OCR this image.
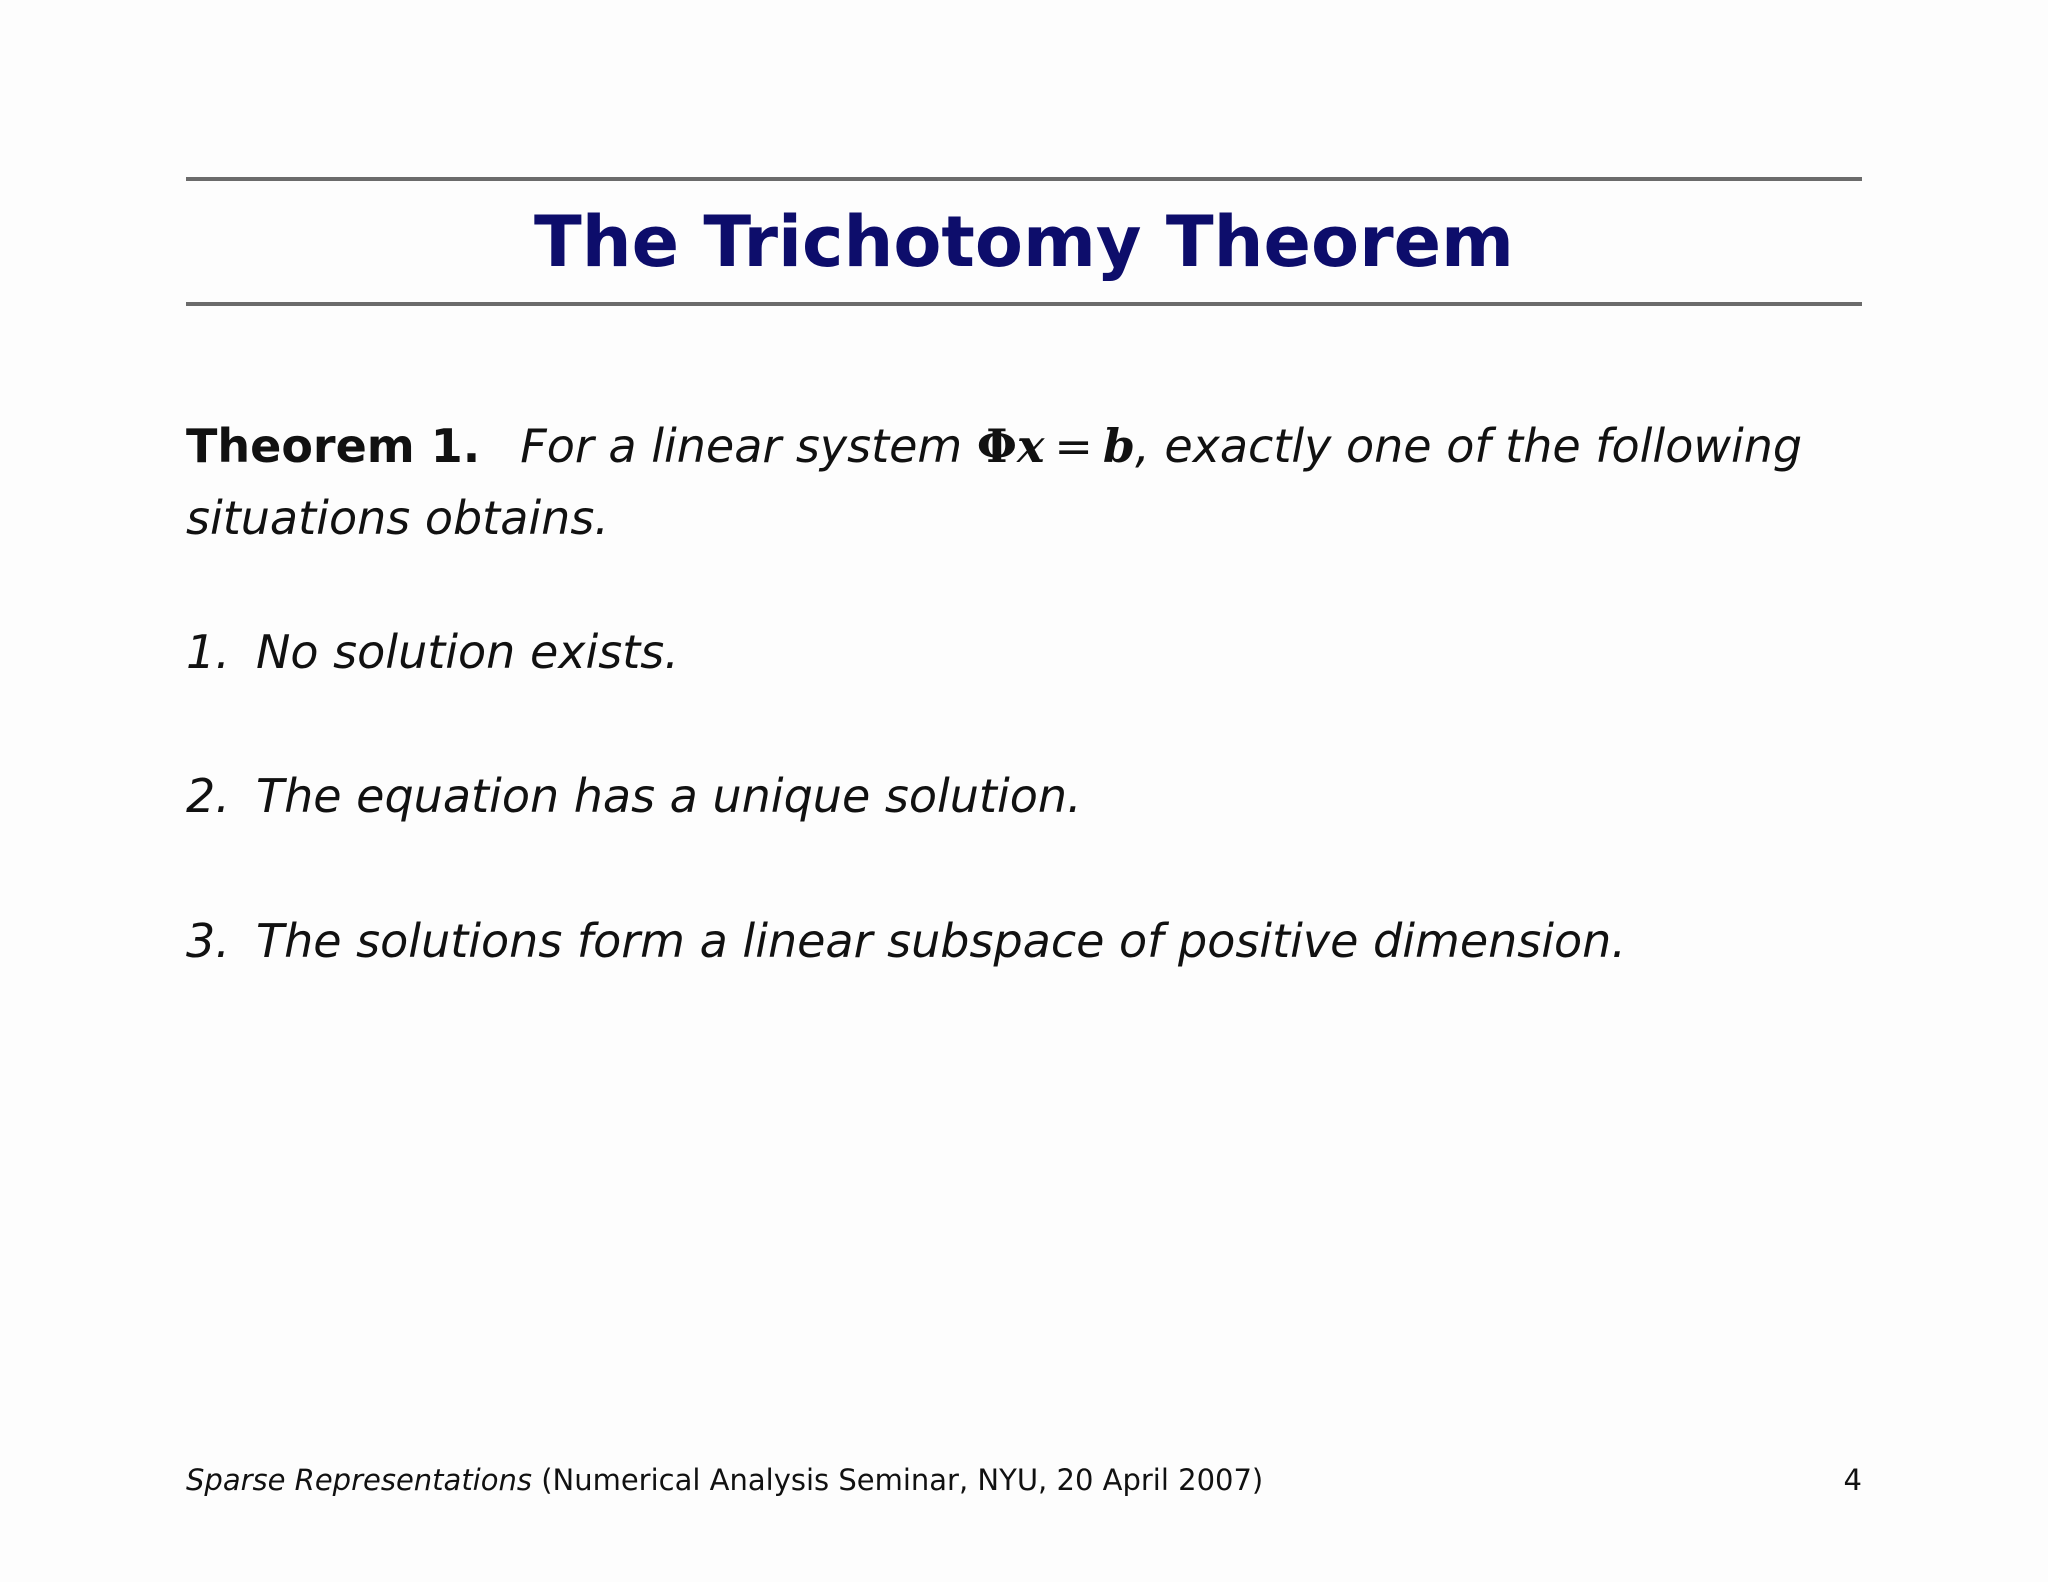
The Trichotomy Theorem
Theorem 1. For a linear system Φx = b, exactly one of the following situations obtains.
1. No solution exists.
2. The equation has a unique solution.
3. The solutions form a linear subspace of positive dimension.
Sparse Representations (Numerical Analysis Seminar, NYU, 20 April 2007)	4
